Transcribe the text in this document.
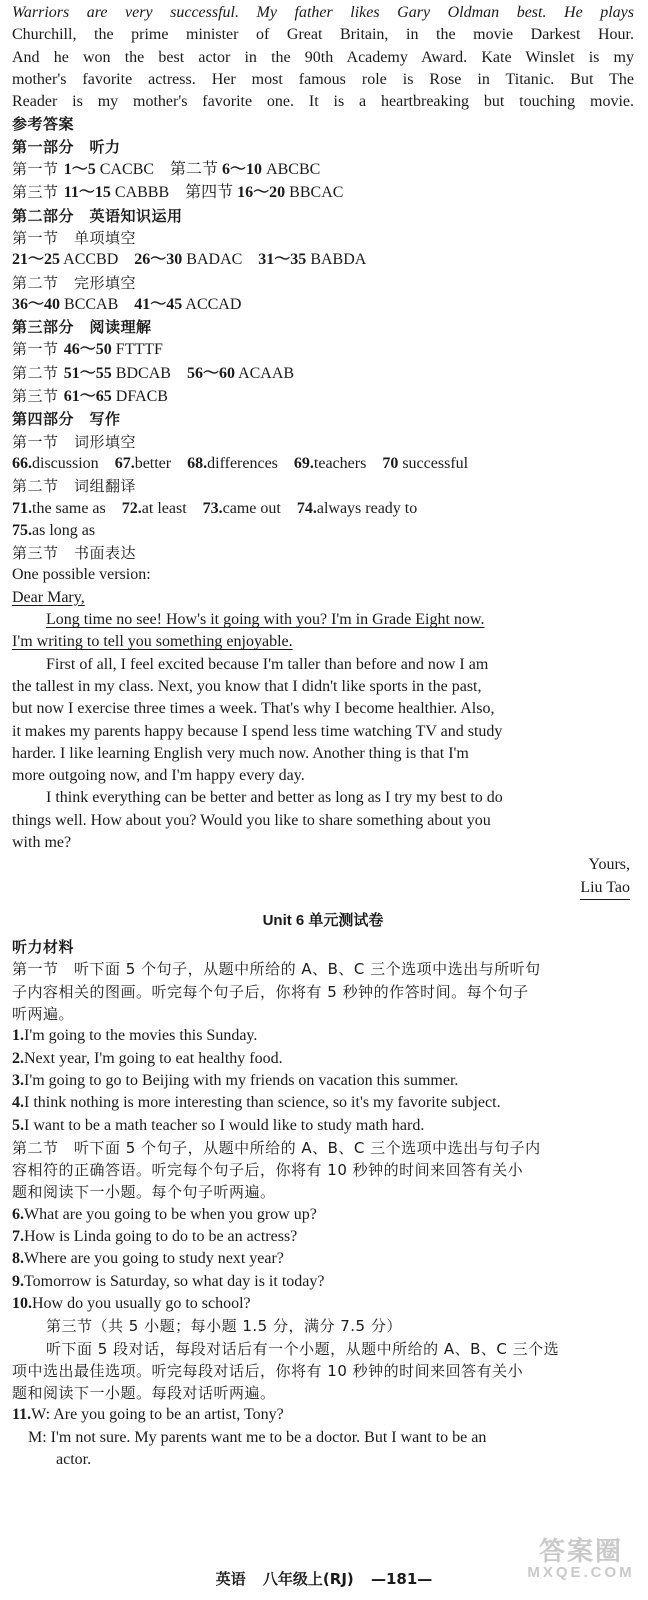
Warriors are very successful. My father likes Gary Oldman best. He plays
Churchill, the prime minister of Great Britain, in the movie Darkest Hour.
And he won the best actor in the 90th Academy Award. Kate Winslet is my
mother's favorite actress. Her most famous role is Rose in Titanic. But The
Reader is my mother's favorite one. It is a heartbreaking but touching movie.
参考答案
第一部分　听力
第一节 1～5 CACBC　第二节 6～10 ABCBC
第三节 11～15 CABBB　第四节 16～20 BBCAC
第二部分　英语知识运用
第一节　单项填空
21～25 ACCBD　26～30 BADAC　31～35 BABDA
第二节　完形填空
36～40 BCCAB　41～45 ACCAD
第三部分　阅读理解
第一节 46～50 FTTTF
第二节 51～55 BDCAB　56～60 ACAAB
第三节 61～65 DFACB
第四部分　写作
第一节　词形填空
66.discussion　67.better　68.differences　69.teachers　70 successful
第二节　词组翻译
71.the same as　72.at least　73.came out　74.always ready to
75.as long as
第三节　书面表达
One possible version:
Dear Mary,
Long time no see! How's it going with you? I'm in Grade Eight now.
I'm writing to tell you something enjoyable.
First of all, I feel excited because I'm taller than before and now I am
the tallest in my class. Next, you know that I didn't like sports in the past,
but now I exercise three times a week. That's why I become healthier. Also,
it makes my parents happy because I spend less time watching TV and study
harder. I like learning English very much now. Another thing is that I'm
more outgoing now, and I'm happy every day.
I think everything can be better and better as long as I try my best to do
things well. How about you? Would you like to share something about you
with me?
Yours,
Liu Tao
Unit 6 单元测试卷
听力材料
第一节　听下面 5 个句子，从题中所给的 A、B、C 三个选项中选出与所听句
子内容相关的图画。听完每个句子后，你将有 5 秒钟的作答时间。每个句子
听两遍。
1.I'm going to the movies this Sunday.
2.Next year, I'm going to eat healthy food.
3.I'm going to go to Beijing with my friends on vacation this summer.
4.I think nothing is more interesting than science, so it's my favorite subject.
5.I want to be a math teacher so I would like to study math hard.
第二节　听下面 5 个句子，从题中所给的 A、B、C 三个选项中选出与句子内
容相符的正确答语。听完每个句子后，你将有 10 秒钟的时间来回答有关小
题和阅读下一小题。每个句子听两遍。
6.What are you going to be when you grow up?
7.How is Linda going to do to be an actress?
8.Where are you going to study next year?
9.Tomorrow is Saturday, so what day is it today?
10.How do you usually go to school?
第三节（共 5 小题；每小题 1.5 分，满分 7.5 分）
听下面 5 段对话，每段对话后有一个小题，从题中所给的 A、B、C 三个选
项中选出最佳选项。听完每段对话后，你将有 10 秒钟的时间来回答有关小
题和阅读下一小题。每段对话听两遍。
11.W: Are you going to be an artist, Tony?
M: I'm not sure. My parents want me to be a doctor. But I want to be an
actor.
英语 八年级上(RJ) —181—
答案圈
MXQE.COM
